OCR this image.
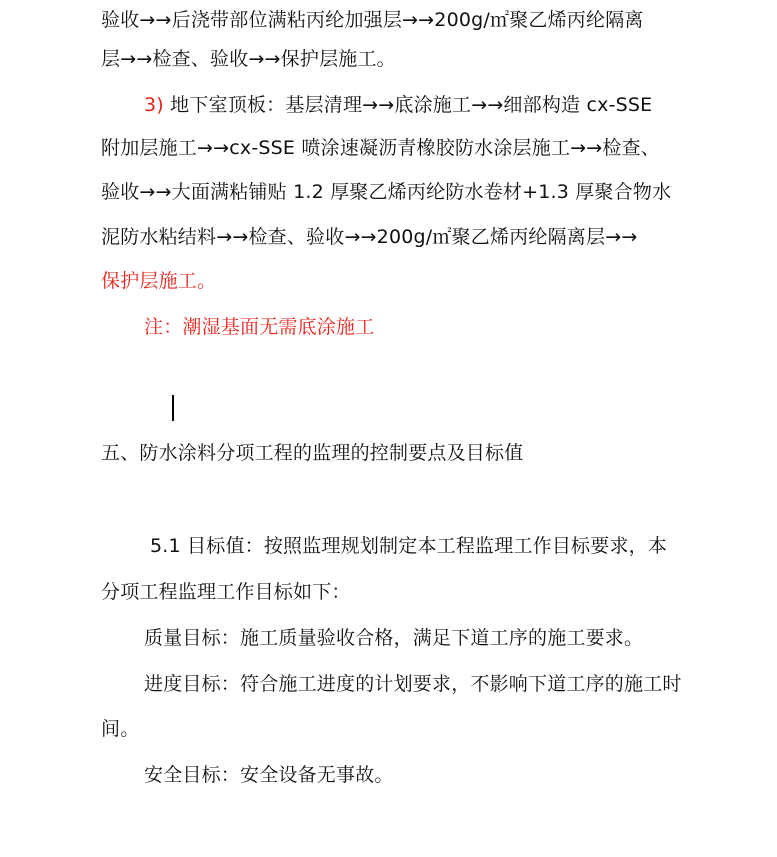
验收→→后浇带部位满粘丙纶加强层→→200g/㎡聚乙烯丙纶隔离
层→→检查、验收→→保护层施工。
3) 地下室顶板：基层清理→→底涂施工→→细部构造 cx-SSE
附加层施工→→cx-SSE 喷涂速凝沥青橡胶防水涂层施工→→检查、
验收→→大面满粘铺贴 1.2 厚聚乙烯丙纶防水卷材+1.3 厚聚合物水
泥防水粘结料→→检查、验收→→200g/㎡聚乙烯丙纶隔离层→→
保护层施工。
注：潮湿基面无需底涂施工
五、防水涂料分项工程的监理的控制要点及目标值
5.1 目标值：按照监理规划制定本工程监理工作目标要求，本
分项工程监理工作目标如下：
质量目标：施工质量验收合格，满足下道工序的施工要求。
进度目标：符合施工进度的计划要求，不影响下道工序的施工时
间。
安全目标：安全设备无事故。
